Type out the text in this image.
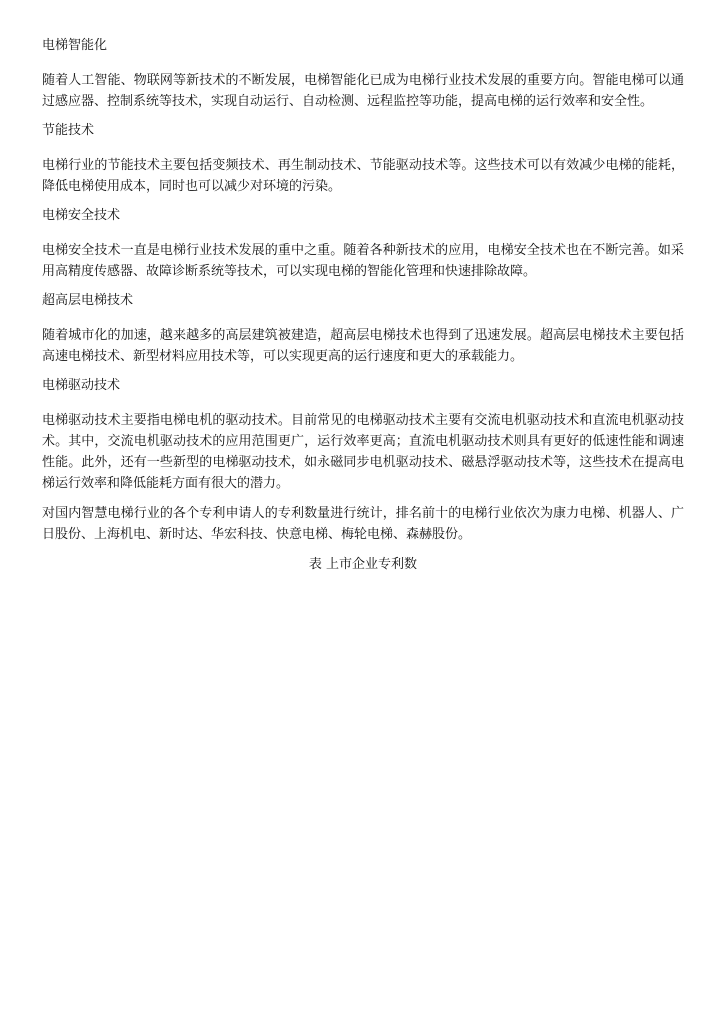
电梯智能化

随着人工智能、物联网等新技术的不断发展，电梯智能化已成为电梯行业技术发展的重要方向。智能电梯可以通过感应器、控制系统等技术，实现自动运行、自动检测、远程监控等功能，提高电梯的运行效率和安全性。

节能技术

电梯行业的节能技术主要包括变频技术、再生制动技术、节能驱动技术等。这些技术可以有效减少电梯的能耗，降低电梯使用成本，同时也可以减少对环境的污染。

电梯安全技术

电梯安全技术一直是电梯行业技术发展的重中之重。随着各种新技术的应用，电梯安全技术也在不断完善。如采用高精度传感器、故障诊断系统等技术，可以实现电梯的智能化管理和快速排除故障。

超高层电梯技术

随着城市化的加速，越来越多的高层建筑被建造，超高层电梯技术也得到了迅速发展。超高层电梯技术主要包括高速电梯技术、新型材料应用技术等，可以实现更高的运行速度和更大的承载能力。

电梯驱动技术

电梯驱动技术主要指电梯电机的驱动技术。目前常见的电梯驱动技术主要有交流电机驱动技术和直流电机驱动技术。其中，交流电机驱动技术的应用范围更广，运行效率更高；直流电机驱动技术则具有更好的低速性能和调速性能。此外，还有一些新型的电梯驱动技术，如永磁同步电机驱动技术、磁悬浮驱动技术等，这些技术在提高电梯运行效率和降低能耗方面有很大的潜力。

对国内智慧电梯行业的各个专利申请人的专利数量进行统计，排名前十的电梯行业依次为康力电梯、机器人、广日股份、上海机电、新时达、华宏科技、快意电梯、梅轮电梯、森赫股份。

表 上市企业专利数
